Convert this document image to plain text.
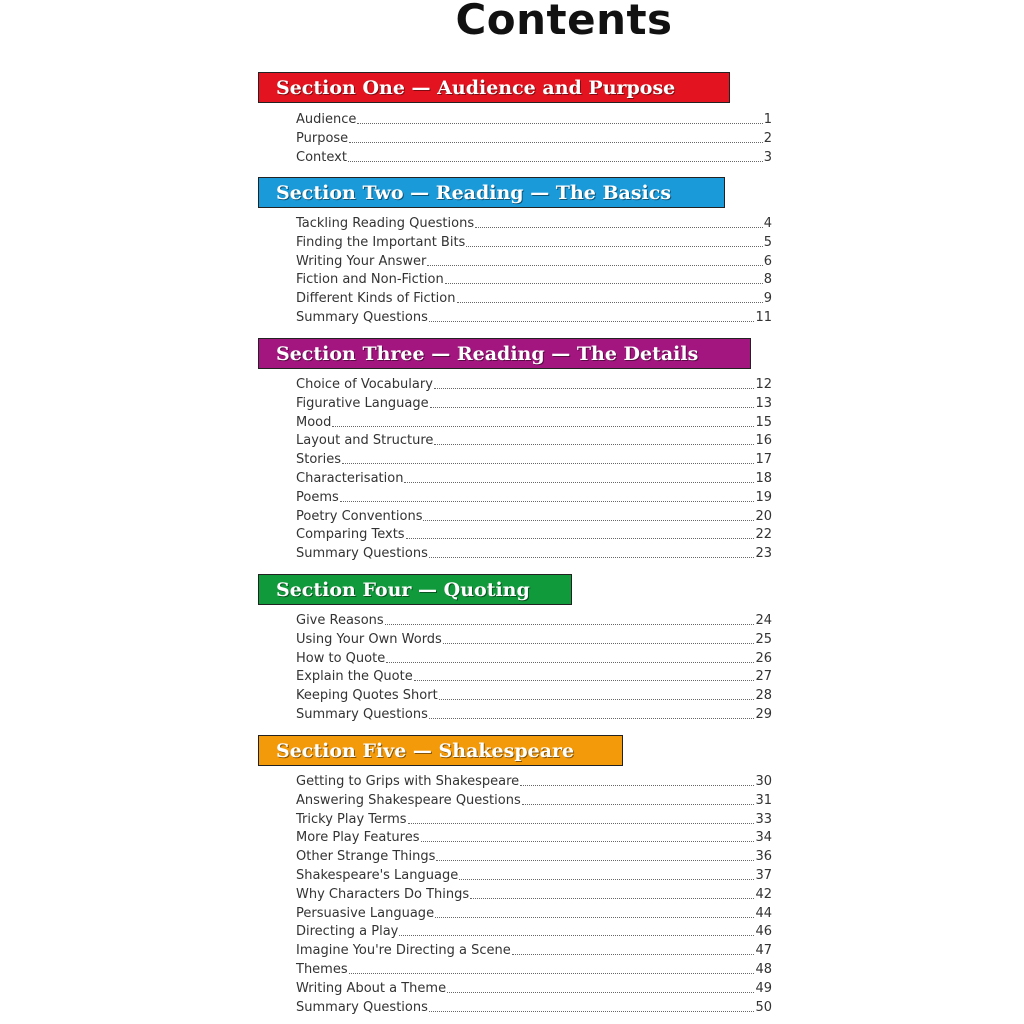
Contents
Section One — Audience and Purpose
Audience	1
Purpose	2
Context	3
Section Two — Reading — The Basics
Tackling Reading Questions	4
Finding the Important Bits	5
Writing Your Answer	6
Fiction and Non-Fiction	8
Different Kinds of Fiction	9
Summary Questions	11
Section Three — Reading — The Details
Choice of Vocabulary	12
Figurative Language	13
Mood	15
Layout and Structure	16
Stories	17
Characterisation	18
Poems	19
Poetry Conventions	20
Comparing Texts	22
Summary Questions	23
Section Four — Quoting
Give Reasons	24
Using Your Own Words	25
How to Quote	26
Explain the Quote	27
Keeping Quotes Short	28
Summary Questions	29
Section Five — Shakespeare
Getting to Grips with Shakespeare	30
Answering Shakespeare Questions	31
Tricky Play Terms	33
More Play Features	34
Other Strange Things	36
Shakespeare's Language	37
Why Characters Do Things	42
Persuasive Language	44
Directing a Play	46
Imagine You're Directing a Scene	47
Themes	48
Writing About a Theme	49
Summary Questions	50
